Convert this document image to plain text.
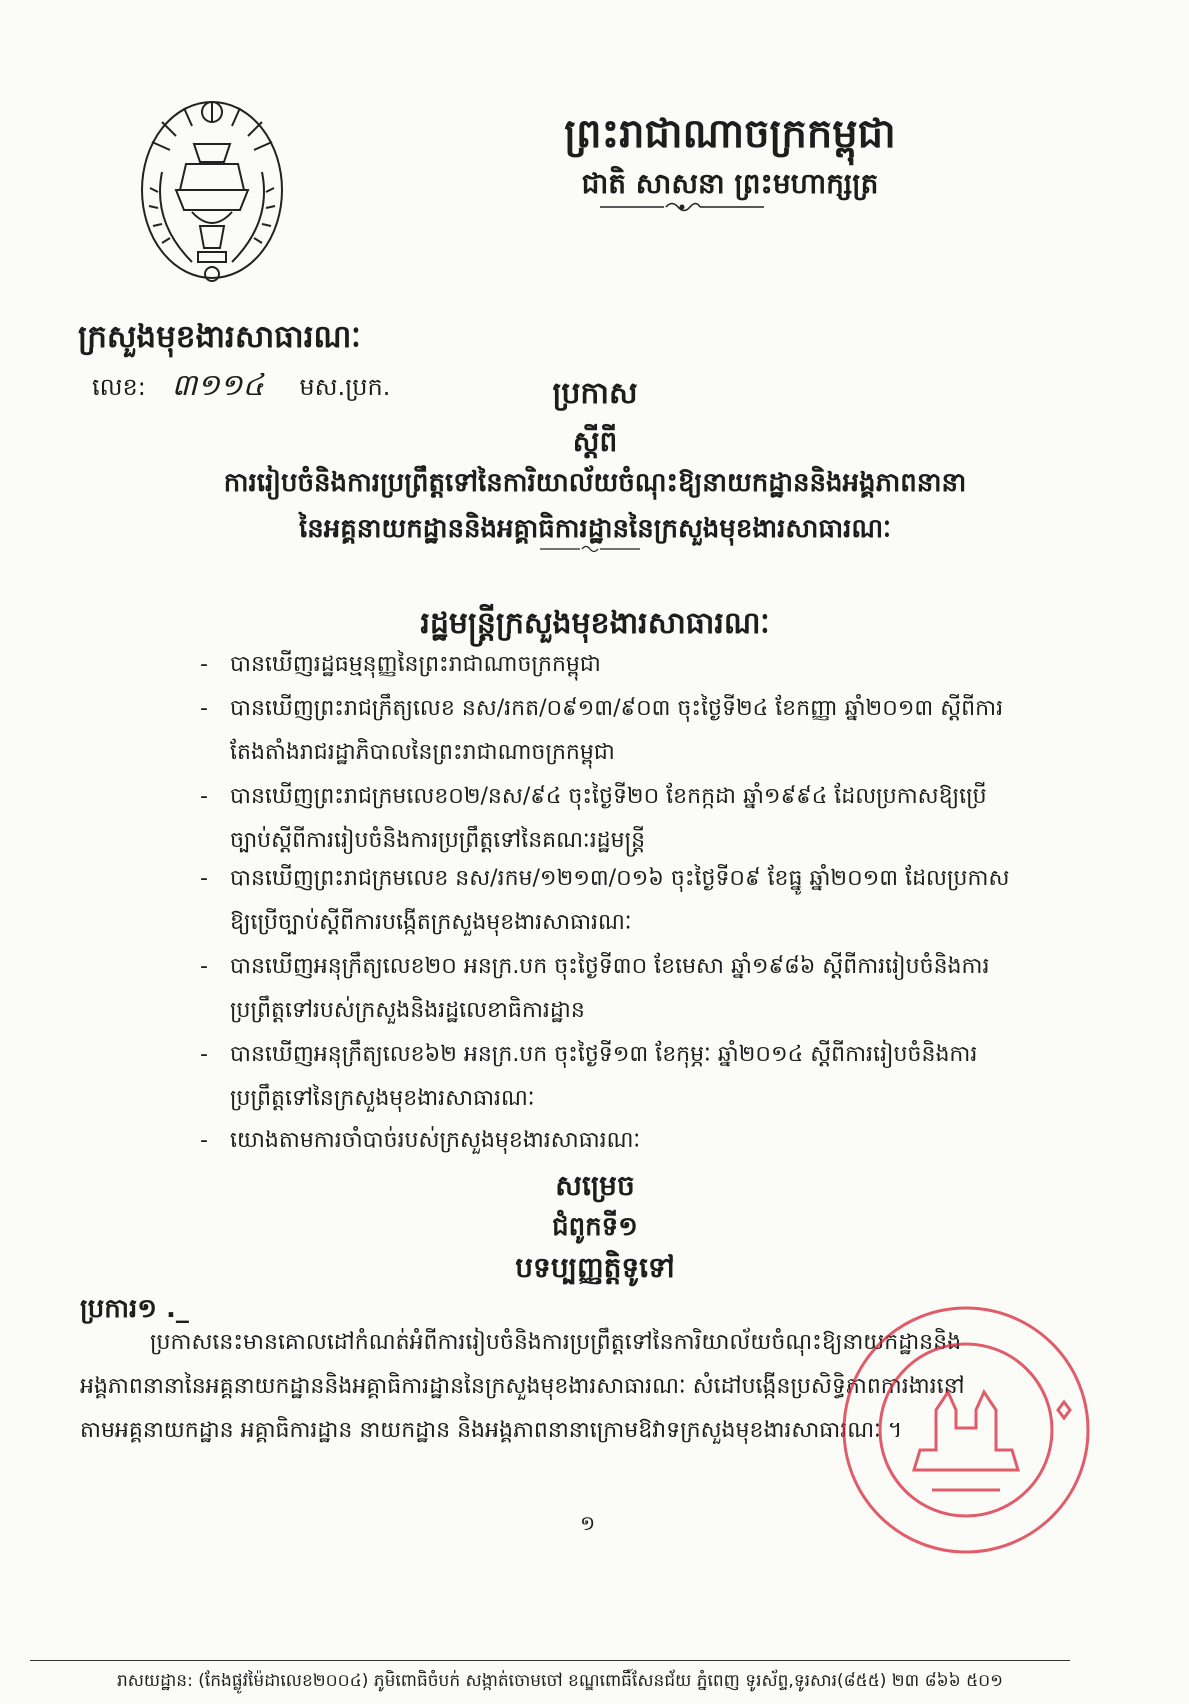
ព្រះរាជាណាចក្រកម្ពុជា
ជាតិ សាសនា ព្រះមហាក្សត្រ
ក្រសួងមុខងារសាធារណៈ
លេខ: ៣១១៤ មស.ប្រក.	ប្រកាស
ស្តីពី
ការរៀបចំនិងការប្រព្រឹត្តទៅនៃការិយាល័យចំណុះឱ្យនាយកដ្ឋាននិងអង្គភាពនានា
នៃអគ្គនាយកដ្ឋាននិងអគ្គាធិការដ្ឋាននៃក្រសួងមុខងារសាធារណៈ
រដ្ឋមន្ត្រីក្រសួងមុខងារសាធារណៈ
- បានឃើញរដ្ឋធម្មនុញ្ញនៃព្រះរាជាណាចក្រកម្ពុជា
- បានឃើញព្រះរាជក្រឹត្យលេខ នស/រកត/០៩១៣/៩០៣ ចុះថ្ងៃទី២៤ ខែកញ្ញា ឆ្នាំ២០១៣ ស្តីពីការ
តែងតាំងរាជរដ្ឋាភិបាលនៃព្រះរាជាណាចក្រកម្ពុជា
- បានឃើញព្រះរាជក្រមលេខ០២/នស/៩៤ ចុះថ្ងៃទី២០ ខែកក្កដា ឆ្នាំ១៩៩៤ ដែលប្រកាសឱ្យប្រើ
ច្បាប់ស្តីពីការរៀបចំនិងការប្រព្រឹត្តទៅនៃគណៈរដ្ឋមន្ត្រី
- បានឃើញព្រះរាជក្រមលេខ នស/រកម/១២១៣/០១៦ ចុះថ្ងៃទី០៩ ខែធ្នូ ឆ្នាំ២០១៣ ដែលប្រកាស
ឱ្យប្រើច្បាប់ស្តីពីការបង្កើតក្រសួងមុខងារសាធារណៈ
- បានឃើញអនុក្រឹត្យលេខ២០ អនក្រ.បក ចុះថ្ងៃទី៣០ ខែមេសា ឆ្នាំ១៩៨៦ ស្តីពីការរៀបចំនិងការ
ប្រព្រឹត្តទៅរបស់ក្រសួងនិងរដ្ឋលេខាធិការដ្ឋាន
- បានឃើញអនុក្រឹត្យលេខ៦២ អនក្រ.បក ចុះថ្ងៃទី១៣ ខែកុម្ភៈ ឆ្នាំ២០១៤ ស្តីពីការរៀបចំនិងការ
ប្រព្រឹត្តទៅនៃក្រសួងមុខងារសាធារណៈ
- យោងតាមការចាំបាច់របស់ក្រសួងមុខងារសាធារណៈ
សម្រេច
ជំពូកទី១
បទប្បញ្ញត្តិទូទៅ
ប្រការ១ ._
ប្រកាសនេះមានគោលដៅកំណត់អំពីការរៀបចំនិងការប្រព្រឹត្តទៅនៃការិយាល័យចំណុះឱ្យនាយកដ្ឋាននិង
អង្គភាពនានានៃអគ្គនាយកដ្ឋាននិងអគ្គាធិការដ្ឋាននៃក្រសួងមុខងារសាធារណៈ សំដៅបង្កើនប្រសិទ្ធិភាពការងារនៅ
តាមអគ្គនាយកដ្ឋាន អគ្គាធិការដ្ឋាន នាយកដ្ឋាន និងអង្គភាពនានាក្រោមឱវាទក្រសួងមុខងារសាធារណៈ ។
១
រាសយដ្ឋាន: (កែងផ្លូវម៉ៃដាលេខ២០០៤) ភូមិពោធិចំបក់ សង្កាត់ចោមចៅ ខណ្ឌពោធិ៍សែនជ័យ ភ្នំពេញ ទូរស័ព្ទ,ទូរសារ(៨៥៥) ២៣ ៨៦៦ ៥០១
